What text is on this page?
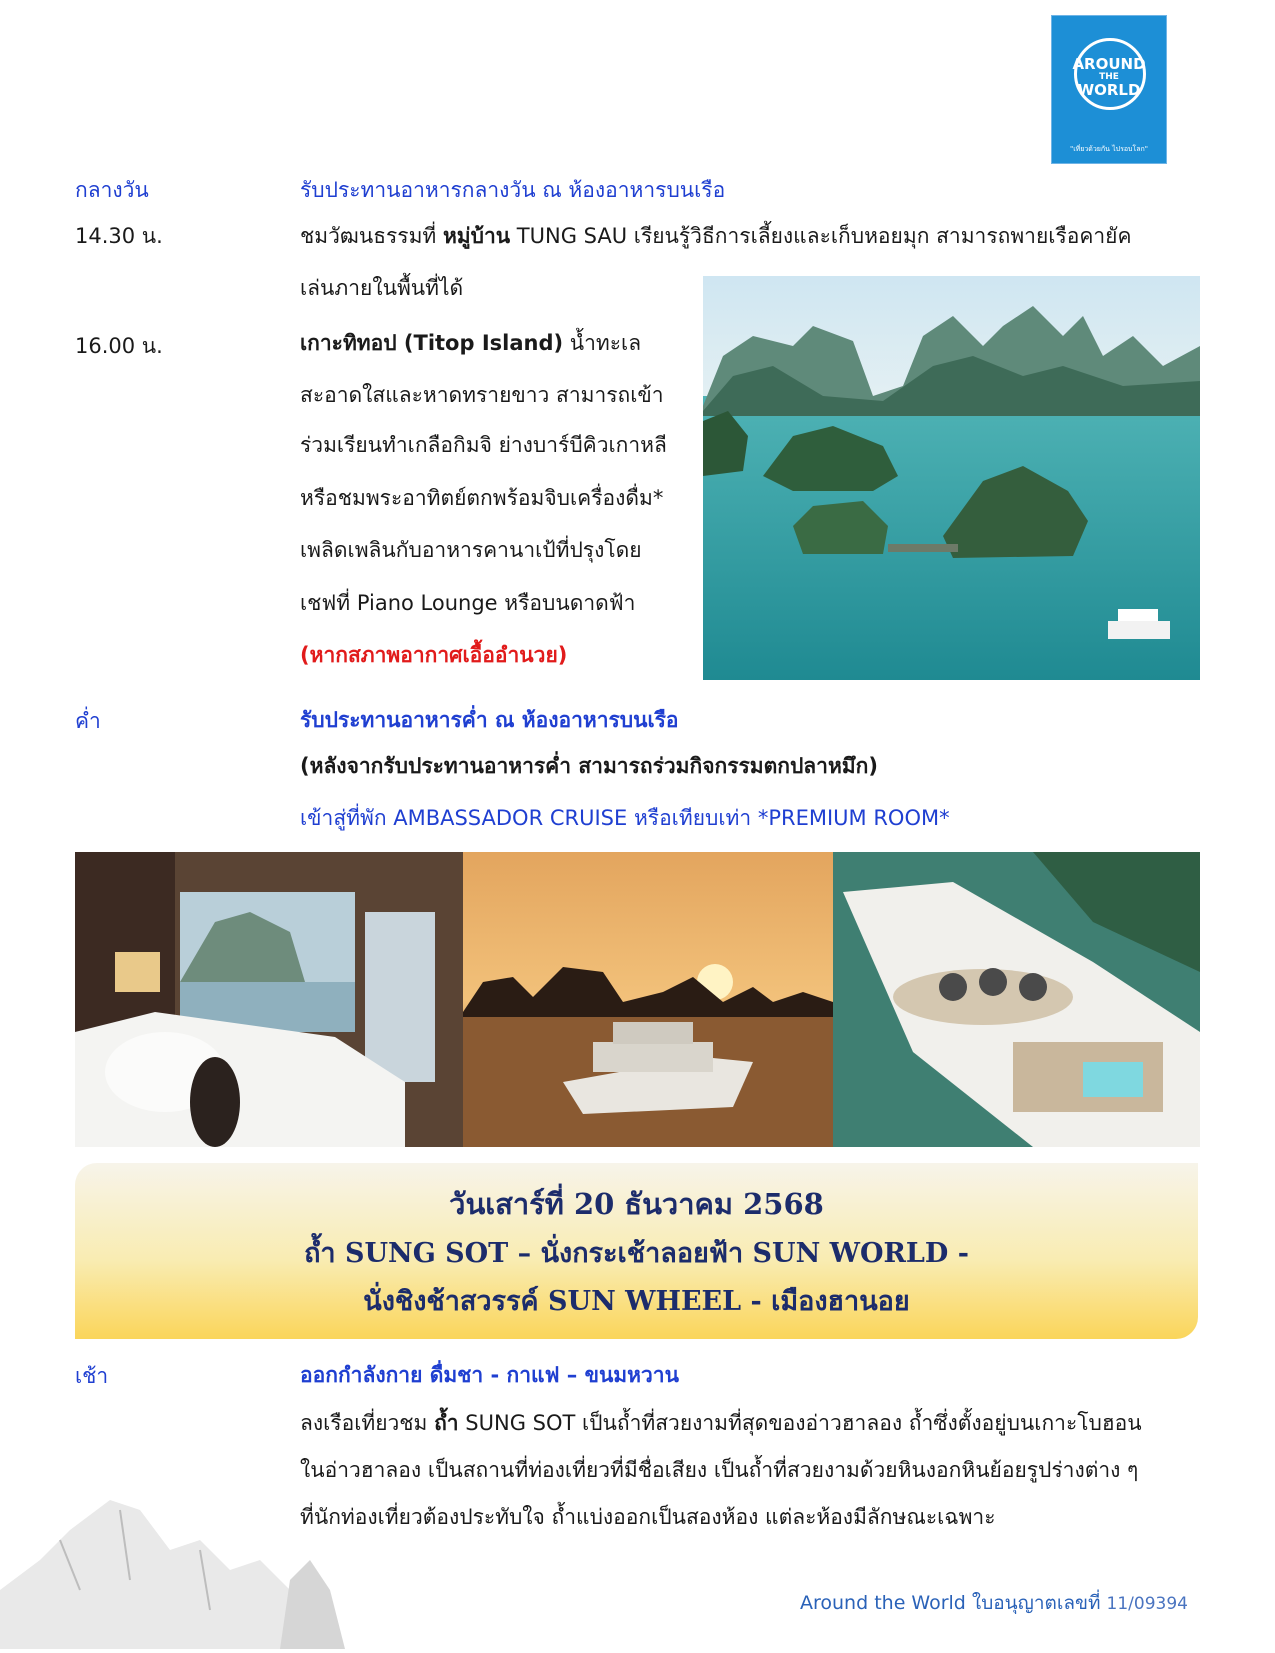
AROUND
THE
WORLD
"เที่ยวด้วยกัน ไปรอบโลก"
กลางวัน	รับประทานอาหารกลางวัน ณ ห้องอาหารบนเรือ
14.30 น.	ชมวัฒนธรรมที่ หมู่บ้าน TUNG SAU เรียนรู้วิธีการเลี้ยงและเก็บหอยมุก สามารถพายเรือคายัค
เล่นภายในพื้นที่ได้
16.00 น.	เกาะทิทอป (Titop Island) น้ำทะเล
สะอาดใสและหาดทรายขาว สามารถเข้า
ร่วมเรียนทำเกลือกิมจิ ย่างบาร์บีคิวเกาหลี
หรือชมพระอาทิตย์ตกพร้อมจิบเครื่องดื่ม*
เพลิดเพลินกับอาหารคานาเป้ที่ปรุงโดย
เชฟที่ Piano Lounge หรือบนดาดฟ้า
(หากสภาพอากาศเอื้ออำนวย)
ค่ำ	รับประทานอาหารค่ำ ณ ห้องอาหารบนเรือ
(หลังจากรับประทานอาหารค่ำ สามารถร่วมกิจกรรมตกปลาหมึก)
เข้าสู่ที่พัก AMBASSADOR CRUISE หรือเทียบเท่า *PREMIUM ROOM*
วันเสาร์ที่ 20 ธันวาคม 2568
ถ้ำ SUNG SOT – นั่งกระเช้าลอยฟ้า SUN WORLD -
นั่งชิงช้าสวรรค์ SUN WHEEL - เมืองฮานอย
เช้า	ออกกำลังกาย ดื่มชา - กาแฟ – ขนมหวาน
ลงเรือเที่ยวชม ถ้ำ SUNG SOT เป็นถ้ำที่สวยงามที่สุดของอ่าวฮาลอง ถ้ำซึ่งตั้งอยู่บนเกาะโบฮอน
ในอ่าวฮาลอง เป็นสถานที่ท่องเที่ยวที่มีชื่อเสียง เป็นถ้ำที่สวยงามด้วยหินงอกหินย้อยรูปร่างต่าง ๆ
ที่นักท่องเที่ยวต้องประทับใจ ถ้ำแบ่งออกเป็นสองห้อง แต่ละห้องมีลักษณะเฉพาะ
Around the World ใบอนุญาตเลขที่ 11/09394
